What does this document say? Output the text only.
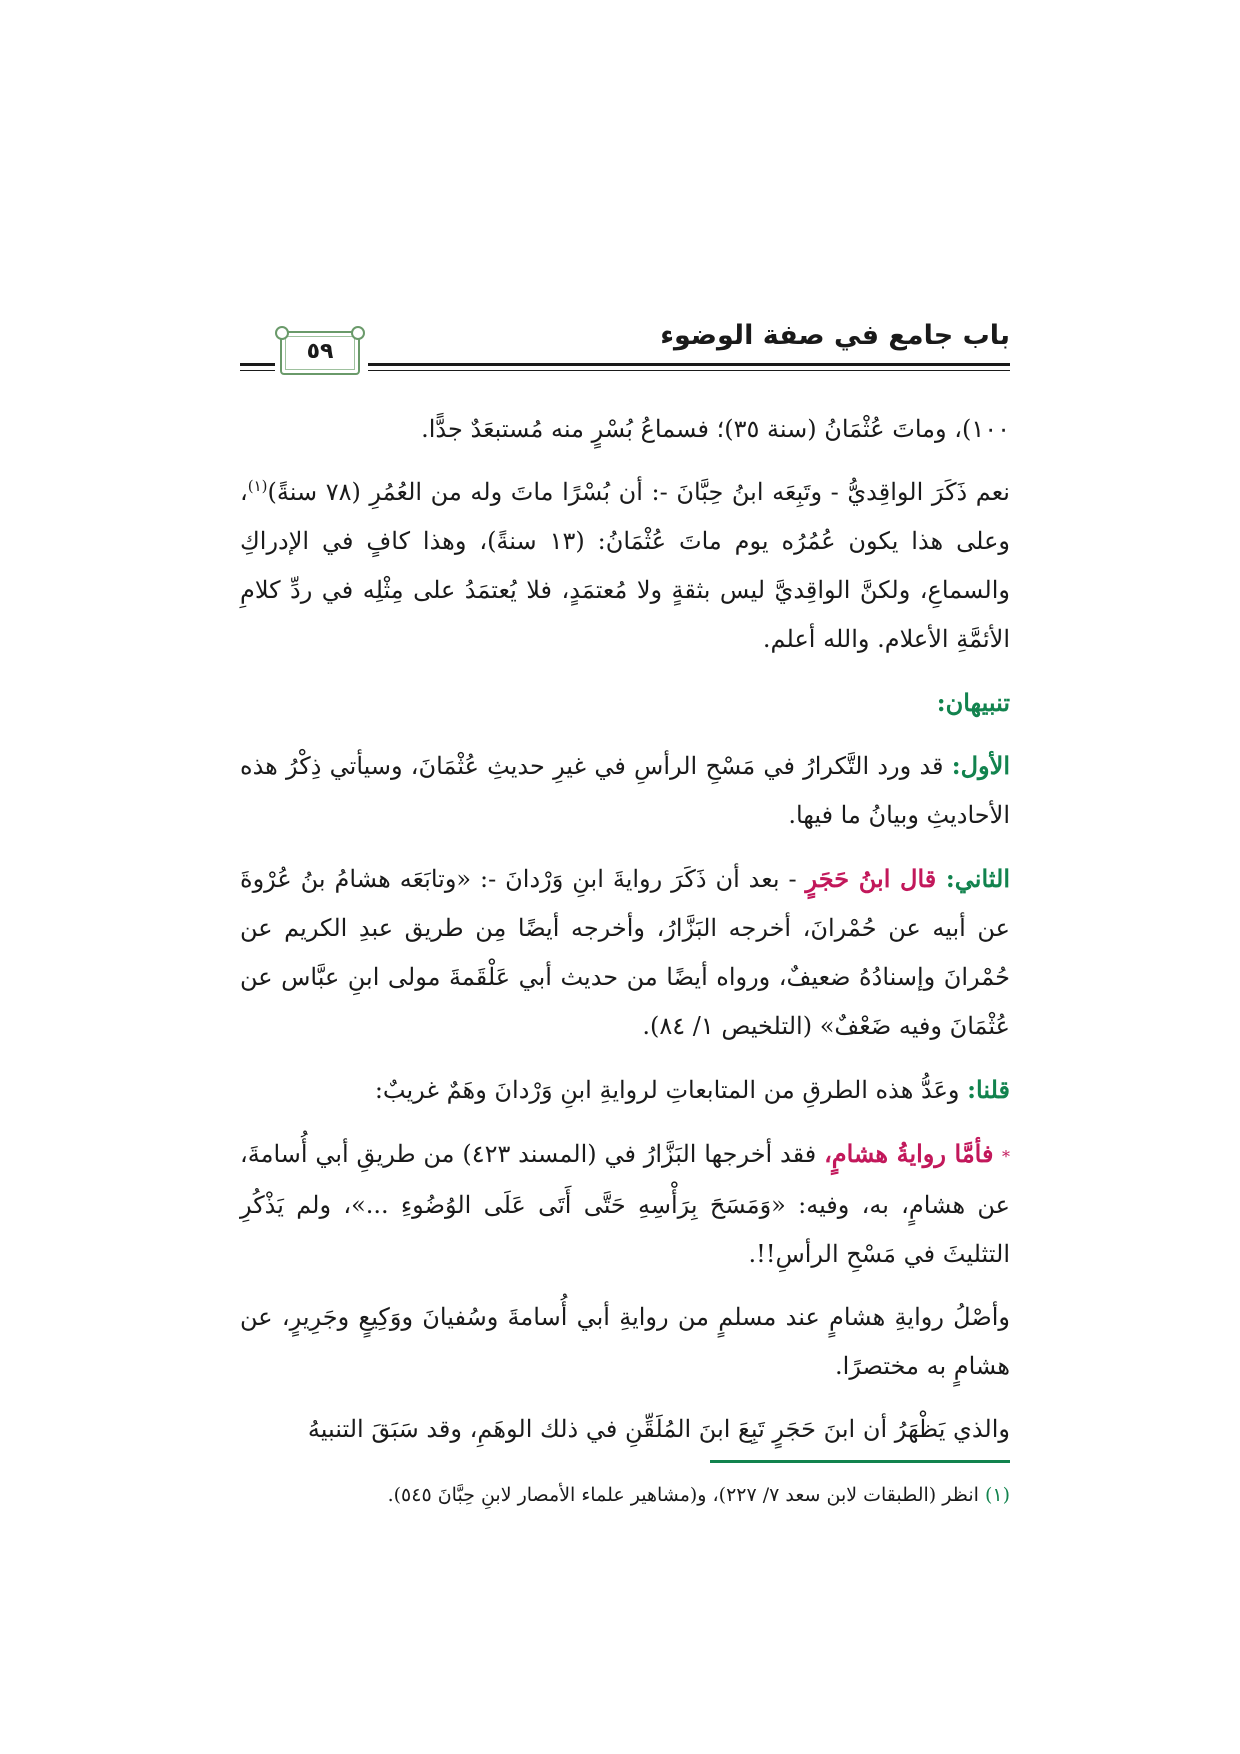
باب جامع في صفة الوضوء
٥٩

١٠٠)، وماتَ عُثْمَانُ (سنة ٣٥)؛ فسماعُ بُسْرٍ منه مُستبعَدٌ جدًّا.

نعم ذَكَرَ الواقِديُّ - وتَبِعَه ابنُ حِبَّانَ -: أن بُسْرًا ماتَ وله من العُمُرِ (٧٨ سنةً)$^{(١)}$، وعلى هذا يكون عُمُرُه يوم ماتَ عُثْمَانُ: (١٣ سنةً)، وهذا كافٍ في الإدراكِ والسماعِ، ولكنَّ الواقِديَّ ليس بثقةٍ ولا مُعتمَدٍ، فلا يُعتمَدُ على مِثْلِه في ردِّ كلامِ الأئمَّةِ الأعلام. والله أعلم.

تنبيهان:

الأول: قد ورد التَّكرارُ في مَسْحِ الرأسِ في غيرِ حديثِ عُثْمَانَ، وسيأتي ذِكْرُ هذه الأحاديثِ وبيانُ ما فيها.

الثاني: قال ابنُ حَجَرٍ - بعد أن ذَكَرَ روايةَ ابنِ وَرْدانَ -: «وتابَعَه هشامُ بنُ عُرْوةَ عن أبيه عن حُمْرانَ، أخرجه البَزَّارُ، وأخرجه أيضًا مِن طريق عبدِ الكريم عن حُمْرانَ وإسنادُهُ ضعيفٌ، ورواه أيضًا من حديث أبي عَلْقَمةَ مولى ابنِ عبَّاس عن عُثْمَانَ وفيه ضَعْفٌ» (التلخيص ١/ ٨٤).

قلنا: وعَدُّ هذه الطرقِ من المتابعاتِ لروايةِ ابنِ وَرْدانَ وهَمٌ غريبٌ:

* فأمَّا روايةُ هشامٍ، فقد أخرجها البَزَّارُ في (المسند ٤٢٣) من طريقِ أبي أُسامةَ، عن هشامٍ، به، وفيه: «وَمَسَحَ بِرَأْسِهِ حَتَّى أَتَى عَلَى الوُضُوءِ ...»، ولم يَذْكُرِ التثليثَ في مَسْحِ الرأسِ!!.

وأصْلُ روايةِ هشامٍ عند مسلمٍ من روايةِ أبي أُسامةَ وسُفيانَ ووَكِيعٍ وجَرِيرٍ، عن هشامٍ به مختصرًا.

والذي يَظْهَرُ أن ابنَ حَجَرٍ تَبِعَ ابنَ المُلَقِّنِ في ذلك الوهَمِ، وقد سَبَقَ التنبيهُ

(١) انظر (الطبقات لابن سعد ٧/ ٢٢٧)، و(مشاهير علماء الأمصار لابنِ حِبَّانَ ٥٤٥).
